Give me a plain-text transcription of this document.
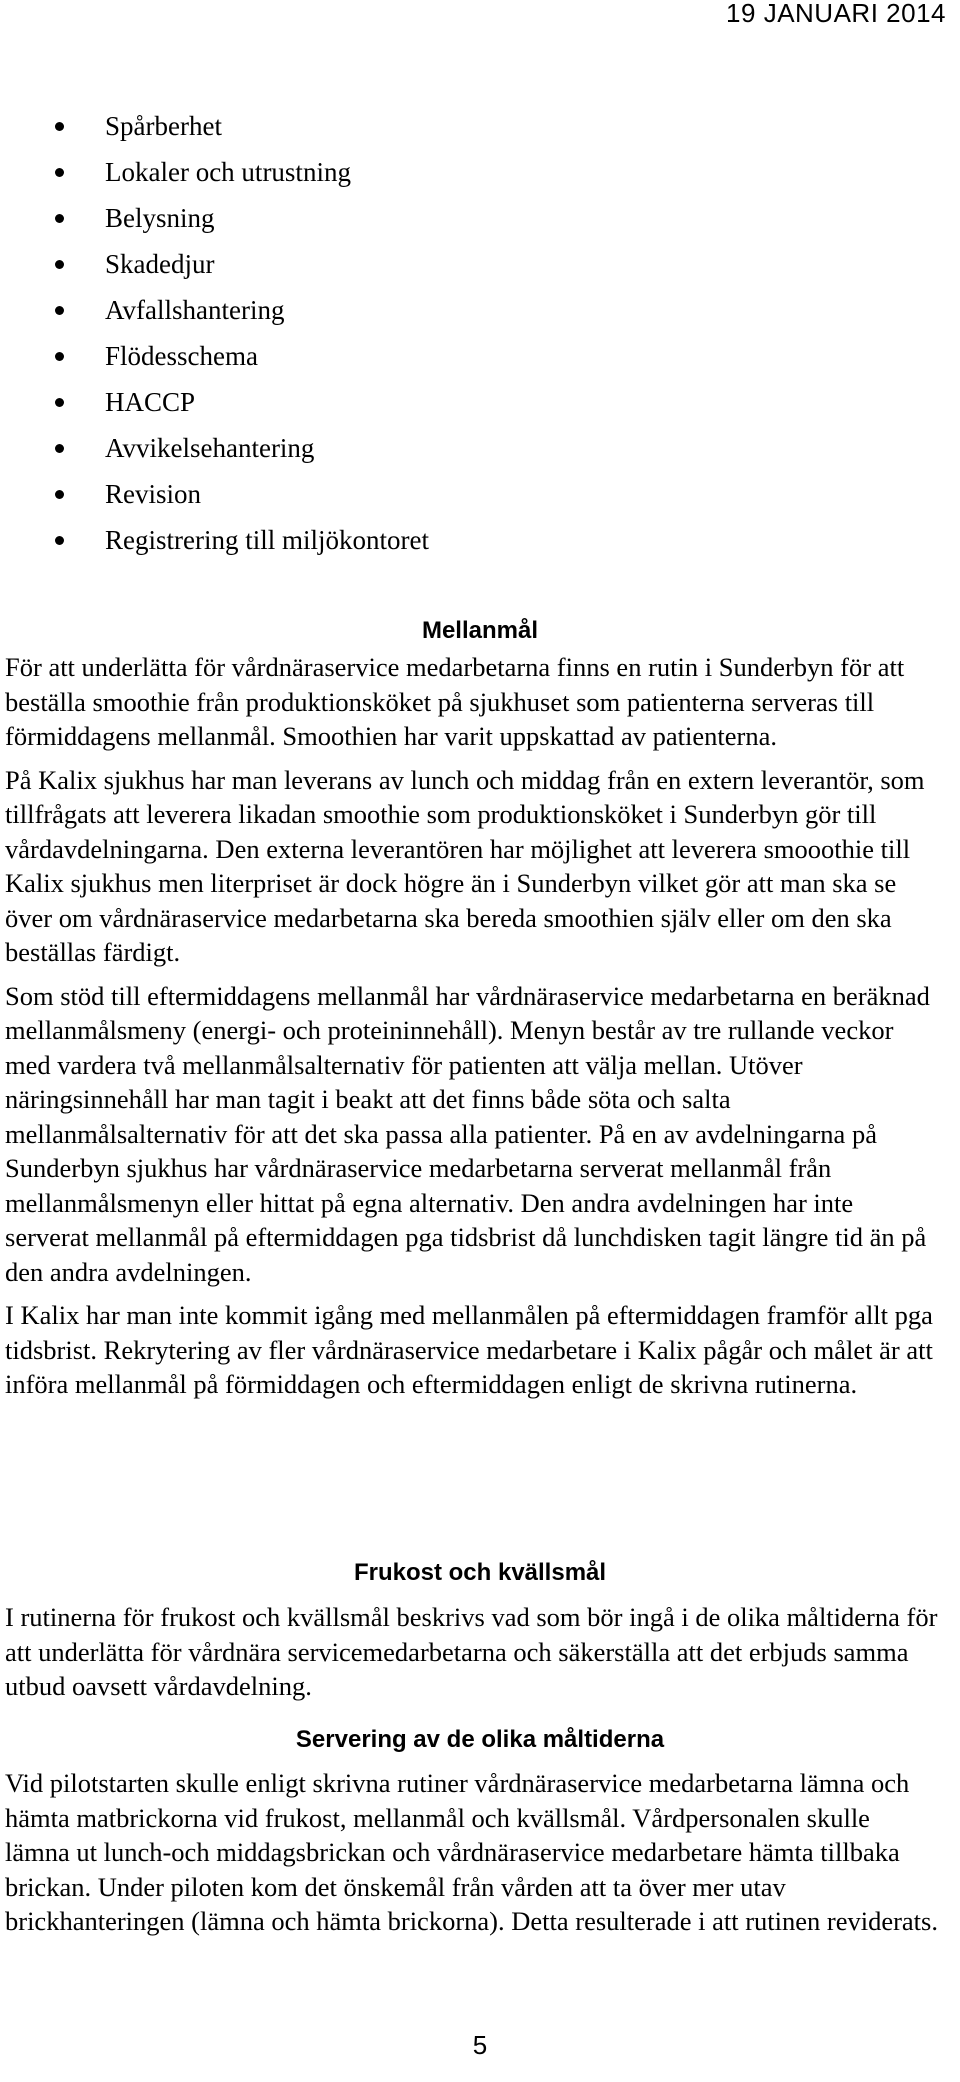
19 JANUARI 2014
Spårberhet
Lokaler och utrustning
Belysning
Skadedjur
Avfallshantering
Flödesschema
HACCP
Avvikelsehantering
Revision
Registrering till miljökontoret
Mellanmål

För att underlätta för vårdnäraservice medarbetarna finns en rutin i Sunderbyn för att beställa smoothie från produktionsköket på sjukhuset som patienterna serveras till förmiddagens mellanmål. Smoothien har varit uppskattad av patienterna.

På Kalix sjukhus har man leverans av lunch och middag från en extern leverantör, som tillfrågats att leverera likadan smoothie som produktionsköket i Sunderbyn gör till vårdavdelningarna. Den externa leverantören har möjlighet att leverera smooothie till Kalix sjukhus men literpriset är dock högre än i Sunderbyn vilket gör att man ska se över om vårdnäraservice medarbetarna ska bereda smoothien själv eller om den ska beställas färdigt.

Som stöd till eftermiddagens mellanmål har vårdnäraservice medarbetarna en beräknad mellanmålsmeny (energi- och proteininnehåll). Menyn består av tre rullande veckor med vardera två mellanmålsalternativ för patienten att välja mellan. Utöver näringsinnehåll har man tagit i beakt att det finns både söta och salta mellanmålsalternativ för att det ska passa alla patienter. På en av avdelningarna på Sunderbyn sjukhus har vårdnäraservice medarbetarna serverat mellanmål från mellanmålsmenyn eller hittat på egna alternativ. Den andra avdelningen har inte serverat mellanmål på eftermiddagen pga tidsbrist då lunchdisken tagit längre tid än på den andra avdelningen.

I Kalix har man inte kommit igång med mellanmålen på eftermiddagen framför allt pga tidsbrist. Rekrytering av fler vårdnäraservice medarbetare i Kalix pågår och målet är att införa mellanmål på förmiddagen och eftermiddagen enligt de skrivna rutinerna.

Frukost och kvällsmål

I rutinerna för frukost och kvällsmål beskrivs vad som bör ingå i de olika måltiderna för att underlätta för vårdnära servicemedarbetarna och säkerställa att det erbjuds samma utbud oavsett vårdavdelning.

Servering av de olika måltiderna

Vid pilotstarten skulle enligt skrivna rutiner vårdnäraservice medarbetarna lämna och hämta matbrickorna vid frukost, mellanmål och kvällsmål. Vårdpersonalen skulle lämna ut lunch-och middagsbrickan och vårdnäraservice medarbetare hämta tillbaka brickan. Under piloten kom det önskemål från vården att ta över mer utav brickhanteringen (lämna och hämta brickorna). Detta resulterade i att rutinen reviderats.

5
